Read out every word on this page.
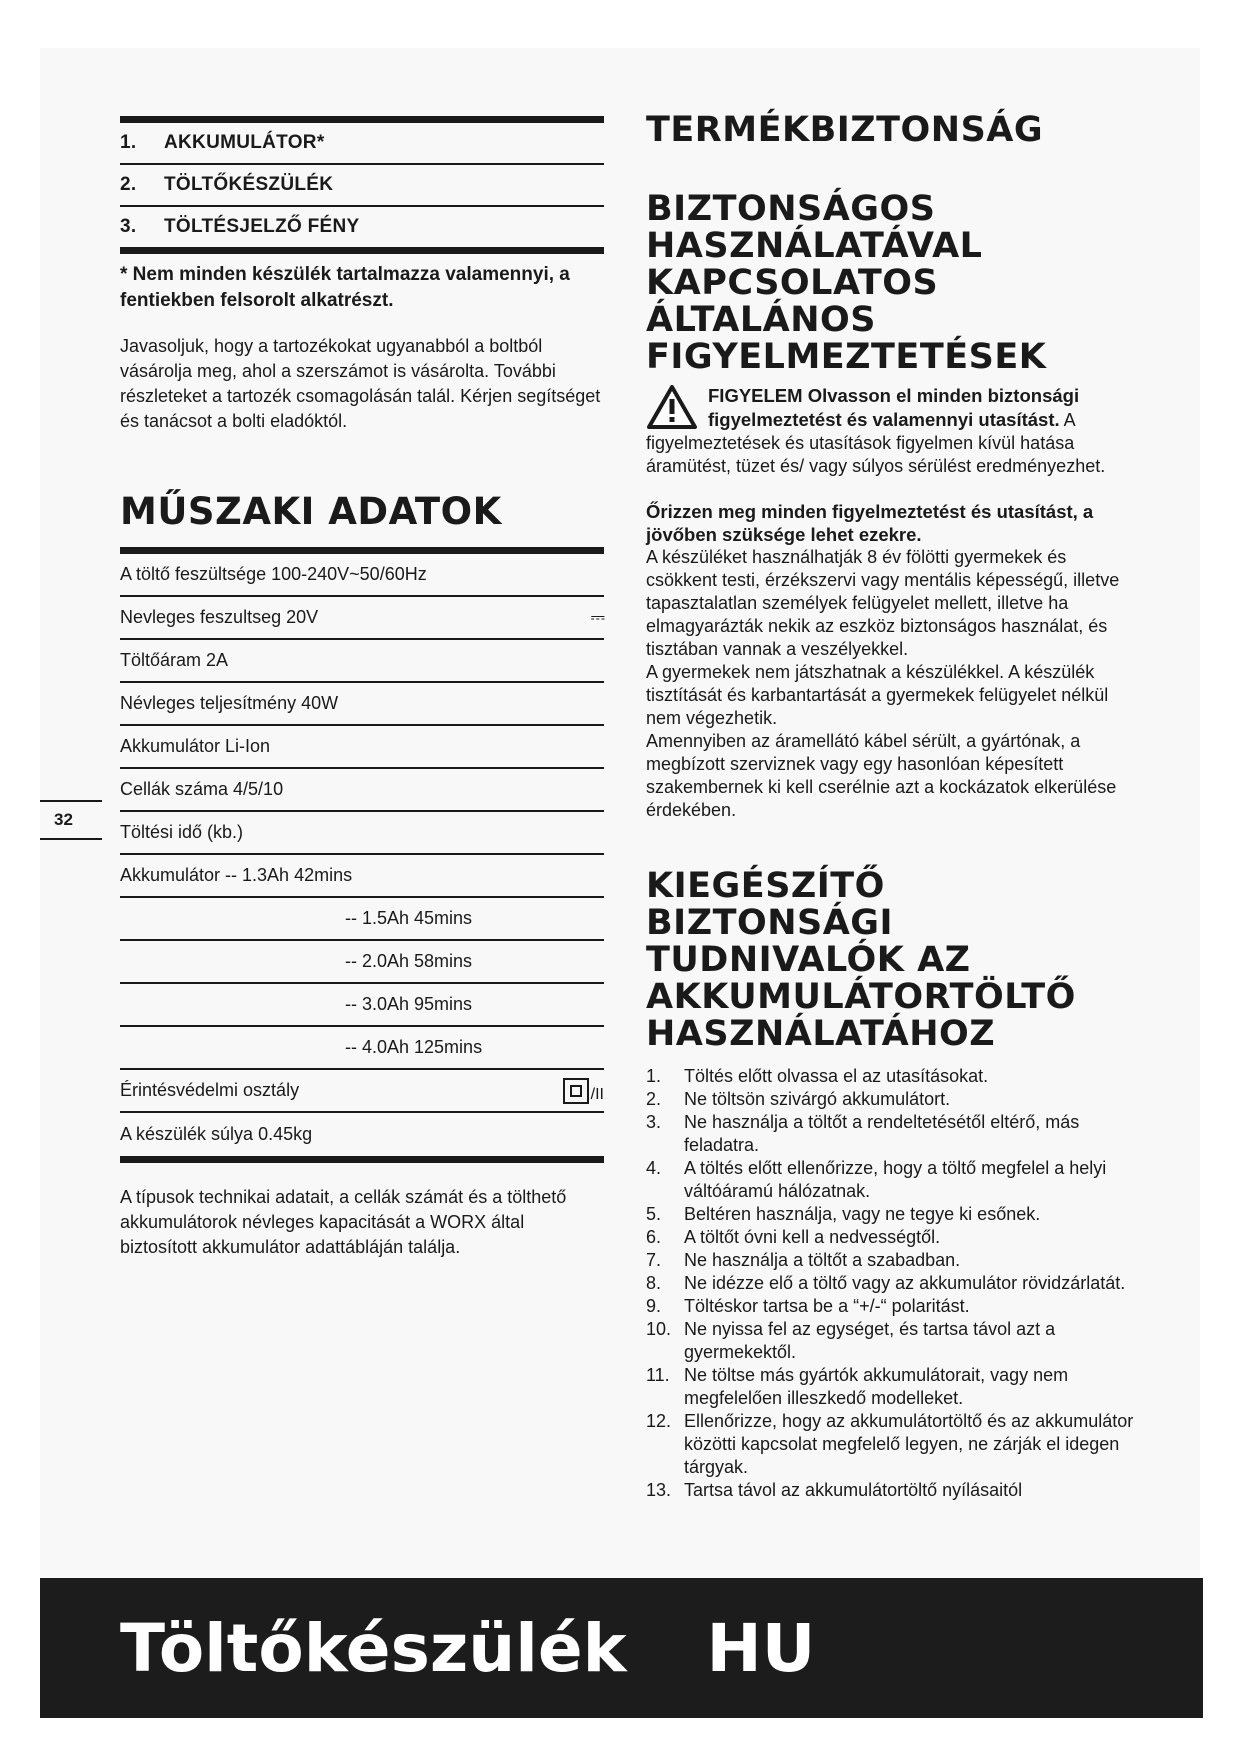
1.	AKKUMULÁTOR*
2.	TÖLTŐKÉSZÜLÉK
3.	TÖLTÉSJELZŐ FÉNY
* Nem minden készülék tartalmazza valamennyi, a fentiekben felsorolt alkatrészt.
Javasoljuk, hogy a tartozékokat ugyanabból a boltból vásárolja meg, ahol a szerszámot is vásárolta. További részleteket a tartozék csomagolásán talál. Kérjen segítséget és tanácsot a bolti eladóktól.
MŰSZAKI ADATOK
A töltő feszültsége 100-240V~50/60Hz
Nevleges feszultseg 20V	⎓
Töltőáram 2A
Névleges teljesítmény 40W
Akkumulátor Li-Ion
Cellák száma 4/5/10
Töltési idő (kb.)
Akkumulátor -- 1.3Ah 42mins
-- 1.5Ah 45mins
-- 2.0Ah 58mins
-- 3.0Ah 95mins
-- 4.0Ah 125mins
Érintésvédelmi osztály	/II
A készülék súlya 0.45kg
A típusok technikai adatait, a cellák számát és a tölthető akkumulátorok névleges kapacitását a WORX által biztosított akkumulátor adattábláján találja.
32
TERMÉKBIZTONSÁG
BIZTONSÁGOS
HASZNÁLATÁVAL
KAPCSOLATOS
ÁLTALÁNOS
FIGYELMEZTETÉSEK
FIGYELEM Olvasson el minden biztonsági figyelmeztetést és valamennyi utasítást. A figyelmeztetések és utasítások figyelmen kívül hatása áramütést, tüzet és/ vagy súlyos sérülést eredményezhet.
Őrizzen meg minden figyelmeztetést és utasítást, a jövőben szüksége lehet ezekre.

A készüléket használhatják 8 év fölötti gyermekek és csökkent testi, érzékszervi vagy mentális képességű, illetve tapasztalatlan személyek felügyelet mellett, illetve ha elmagyarázták nekik az eszköz biztonságos használat, és tisztában vannak a veszélyekkel.

A gyermekek nem játszhatnak a készülékkel. A készülék tisztítását és karbantartását a gyermekek felügyelet nélkül nem végezhetik.

Amennyiben az áramellátó kábel sérült, a gyártónak, a megbízott szerviznek vagy egy hasonlóan képesített szakembernek ki kell cserélnie azt a kockázatok elkerülése érdekében.

KIEGÉSZÍTŐ
BIZTONSÁGI
TUDNIVALÓK AZ
AKKUMULÁTORTÖLTŐ
HASZNÁLATÁHOZ
1.	Töltés előtt olvassa el az utasításokat.
2.	Ne töltsön szivárgó akkumulátort.
3.	Ne használja a töltőt a rendeltetésétől eltérő, más feladatra.
4.	A töltés előtt ellenőrizze, hogy a töltő megfelel a helyi váltóáramú hálózatnak.
5.	Beltéren használja, vagy ne tegye ki esőnek.
6.	A töltőt óvni kell a nedvességtől.
7.	Ne használja a töltőt a szabadban.
8.	Ne idézze elő a töltő vagy az akkumulátor rövidzárlatát.
9.	Töltéskor tartsa be a “+/-“ polaritást.
10. Ne nyissa fel az egységet, és tartsa távol azt a gyermekektől.
11. Ne töltse más gyártók akkumulátorait, vagy nem megfelelően illeszkedő modelleket.
12. Ellenőrizze, hogy az akkumulátortöltő és az akkumulátor közötti kapcsolat megfelelő legyen, ne zárják el idegen tárgyak.
13. Tartsa távol az akkumulátortöltő nyílásaitól
Töltőkészülék HU
